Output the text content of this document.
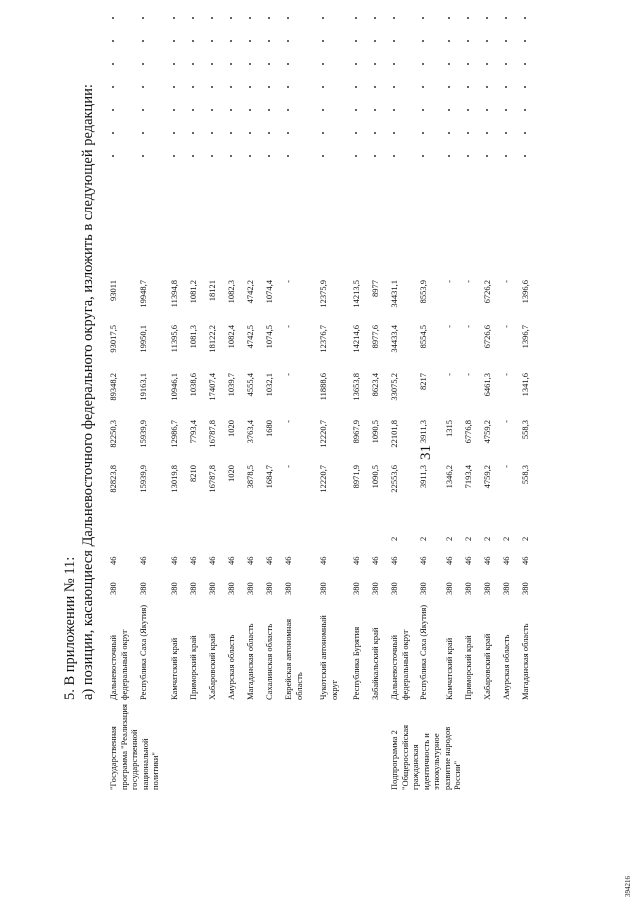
31
5. В приложении № 11: а) позиции, касающиеся Дальневосточного федерального округа, изложить в следующей редакции:
"Государственная программа "Реализация государственной национальной политики"	Подпрограмма 2 "Общероссийская гражданская идентичность и этнокультурное развитие народов России"
Дальневосточный федеральный округ
380
46
82823,8
82250,3
89348,2
93017,5
93011
Республика Саха (Якутия)
380
46
15939,9
15939,9
19163,1
19950,1
19948,7
Камчатский край
380
46
13019,8
12986,7
10946,1
11395,6
11394,8
Приморский край
380
46
8210
7793,4
1038,6
1081,3
1081,2
Хабаровский край
380
46
16787,8
16787,8
17407,4
18122,2
18121
Амурская область
380
46
1020
1020
1039,7
1082,4
1082,3
Магаданская область
380
46
3878,5
3763,4
4555,4
4742,5
4742,2
Сахалинская область
380
46
1684,7
1680
1032,1
1074,5
1074,4
Еврейская автономная область
380
46
-
-
-
-
-
Чукотский автономный округ
380
46
12220,7
12220,7
11888,6
12376,7
12375,9
Республика Бурятия
380
46
8971,9
8967,9
13653,8
14214,6
14213,5
Забайкальский край
380
46
1090,5
1090,5
8623,4
8977,6
8977
Дальневосточный федеральный округ
380
46
2
22553,6
22101,8
33075,2
34433,4
34431,1
Республика Саха (Якутия)
380
46
2
3911,3
3911,3
8217
8554,5
8553,9
Камчатский край
380
46
2
1346,2
1315
-
-
-
Приморский край
380
46
2
7193,4
6776,8
-
-
-
Хабаровский край
380
46
2
4759,2
4759,2
6461,3
6726,6
6726,2
Амурская область
380
46
2
-
-
-
-
-
Магаданская область
380
46
2
558,3
558,3
1341,6
1396,7
1396,6
394216
